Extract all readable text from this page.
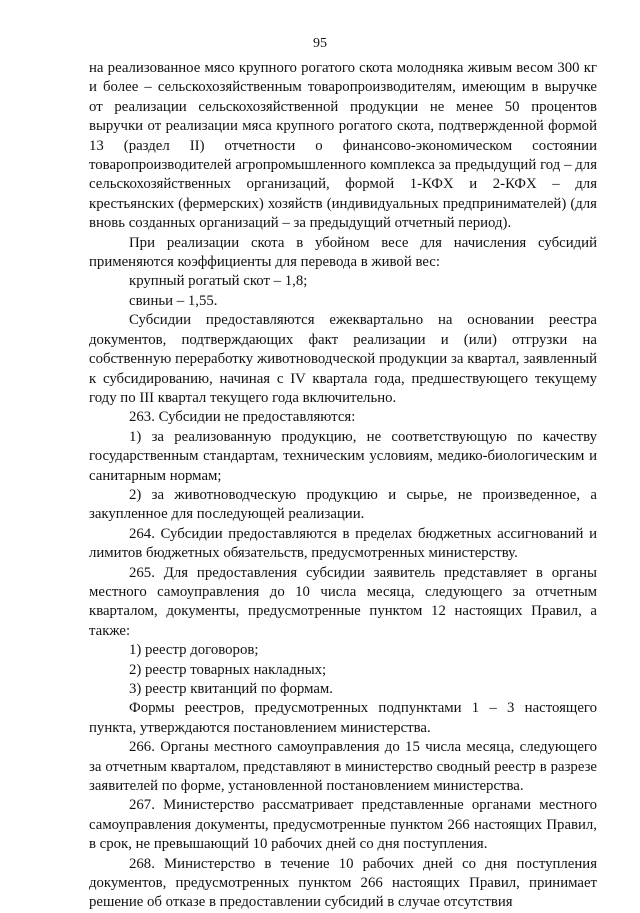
95

на реализованное мясо крупного рогатого скота молодняка живым весом 300 кг и более – сельскохозяйственным товаропроизводителям, имеющим в выручке от реализации сельскохозяйственной продукции не менее 50 процентов выручки от реализации мяса крупного рогатого скота, подтвержденной формой 13 (раздел II) отчетности о финансово-экономическом состоянии товаропроизводителей агропромышленного комплекса за предыдущий год – для сельскохозяйственных организаций, формой 1-КФХ и 2-КФХ – для крестьянских (фермерских) хозяйств (индивидуальных предпринимателей) (для вновь созданных организаций – за предыдущий отчетный период).

При реализации скота в убойном весе для начисления субсидий применяются коэффициенты для перевода в живой вес:

крупный рогатый скот – 1,8;

свиньи – 1,55.

Субсидии предоставляются ежеквартально на основании реестра документов, подтверждающих факт реализации и (или) отгрузки на собственную переработку животноводческой продукции за квартал, заявленный к субсидированию, начиная с IV квартала года, предшествующего текущему году по III квартал текущего года включительно.

263. Субсидии не предоставляются:

1) за реализованную продукцию, не соответствующую по качеству государственным стандартам, техническим условиям, медико-биологическим и санитарным нормам;

2) за животноводческую продукцию и сырье, не произведенное, а закупленное для последующей реализации.

264. Субсидии предоставляются в пределах бюджетных ассигнований и лимитов бюджетных обязательств, предусмотренных министерству.

265. Для предоставления субсидии заявитель представляет в органы местного самоуправления до 10 числа месяца, следующего за отчетным кварталом, документы, предусмотренные пунктом 12 настоящих Правил, а также:

1) реестр договоров;

2) реестр товарных накладных;

3) реестр квитанций по формам.

Формы реестров, предусмотренных подпунктами 1 – 3 настоящего пункта, утверждаются постановлением министерства.

266. Органы местного самоуправления до 15 числа месяца, следующего за отчетным кварталом, представляют в министерство сводный реестр в разрезе заявителей по форме, установленной постановлением министерства.

267. Министерство рассматривает представленные органами местного самоуправления документы, предусмотренные пунктом 266 настоящих Правил, в срок, не превышающий 10 рабочих дней со дня поступления.

268. Министерство в течение 10 рабочих дней со дня поступления документов, предусмотренных пунктом 266 настоящих Правил, принимает решение об отказе в предоставлении субсидий в случае отсутствия
